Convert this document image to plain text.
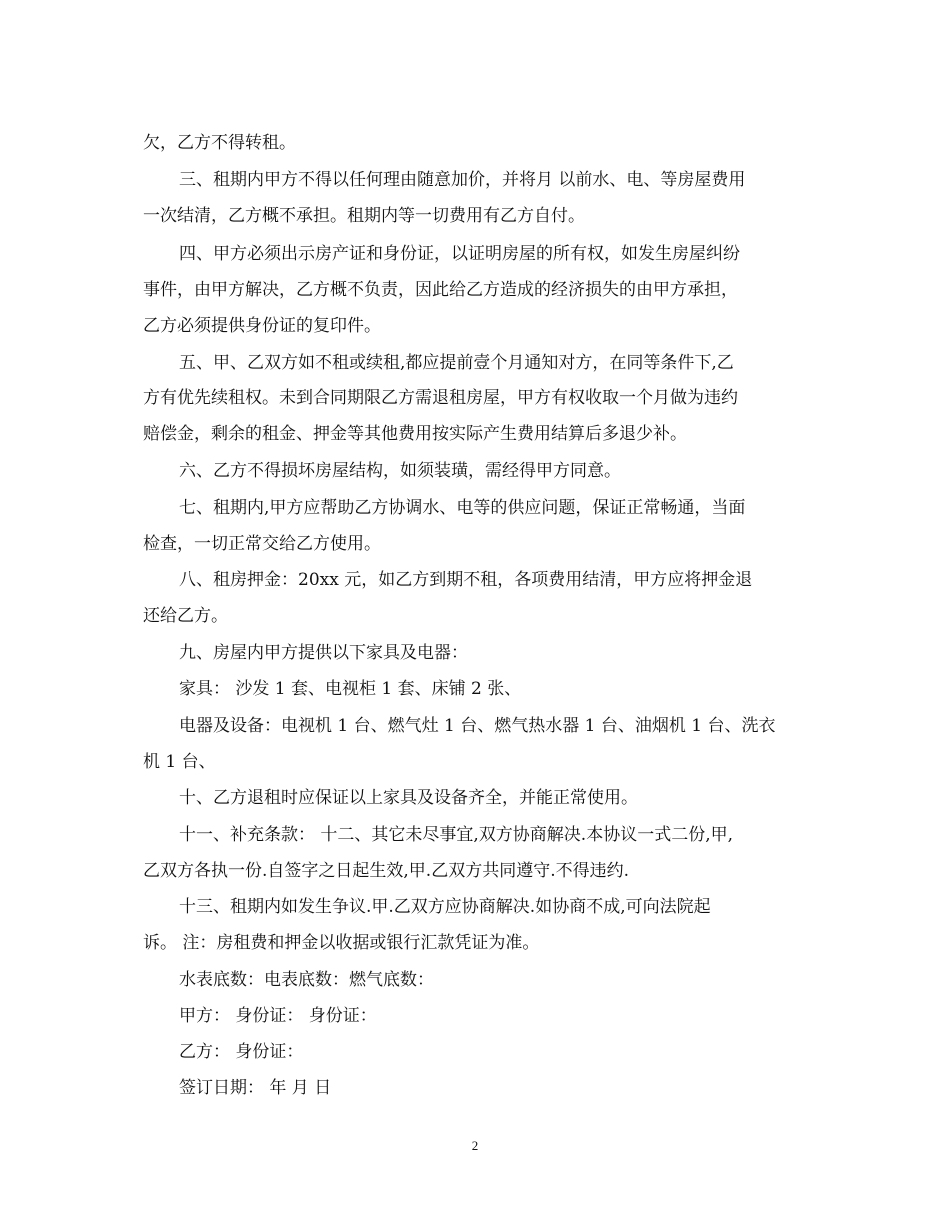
欠，乙方不得转租。
三、租期内甲方不得以任何理由随意加价，并将月 以前水、电、等房屋费用
一次结清，乙方概不承担。租期内等一切费用有乙方自付。
四、甲方必须出示房产证和身份证，以证明房屋的所有权，如发生房屋纠纷
事件，由甲方解决，乙方概不负责，因此给乙方造成的经济损失的由甲方承担，
乙方必须提供身份证的复印件。
五、甲、乙双方如不租或续租,都应提前壹个月通知对方，在同等条件下,乙
方有优先续租权。未到合同期限乙方需退租房屋，甲方有权收取一个月做为违约
赔偿金，剩余的租金、押金等其他费用按实际产生费用结算后多退少补。
六、乙方不得损坏房屋结构，如须装璜，需经得甲方同意。
七、租期内,甲方应帮助乙方协调水、电等的供应问题，保证正常畅通，当面
检查，一切正常交给乙方使用。
八、租房押金：20xx 元，如乙方到期不租，各项费用结清，甲方应将押金退
还给乙方。
九、房屋内甲方提供以下家具及电器：
家具： 沙发 1 套、电视柜 1 套、床铺 2 张、
电器及设备：电视机 1 台、燃气灶 1 台、燃气热水器 1 台、油烟机 1 台、洗衣
机 1 台、
十、乙方退租时应保证以上家具及设备齐全，并能正常使用。
十一、补充条款： 十二、其它未尽事宜,双方协商解决.本协议一式二份,甲,
乙双方各执一份.自签字之日起生效,甲.乙双方共同遵守.不得违约.
十三、租期内如发生争议.甲.乙双方应协商解决.如协商不成,可向法院起
诉。 注：房租费和押金以收据或银行汇款凭证为准。
水表底数：电表底数：燃气底数：
甲方： 身份证： 身份证：
乙方： 身份证：
签订日期： 年 月 日
2
